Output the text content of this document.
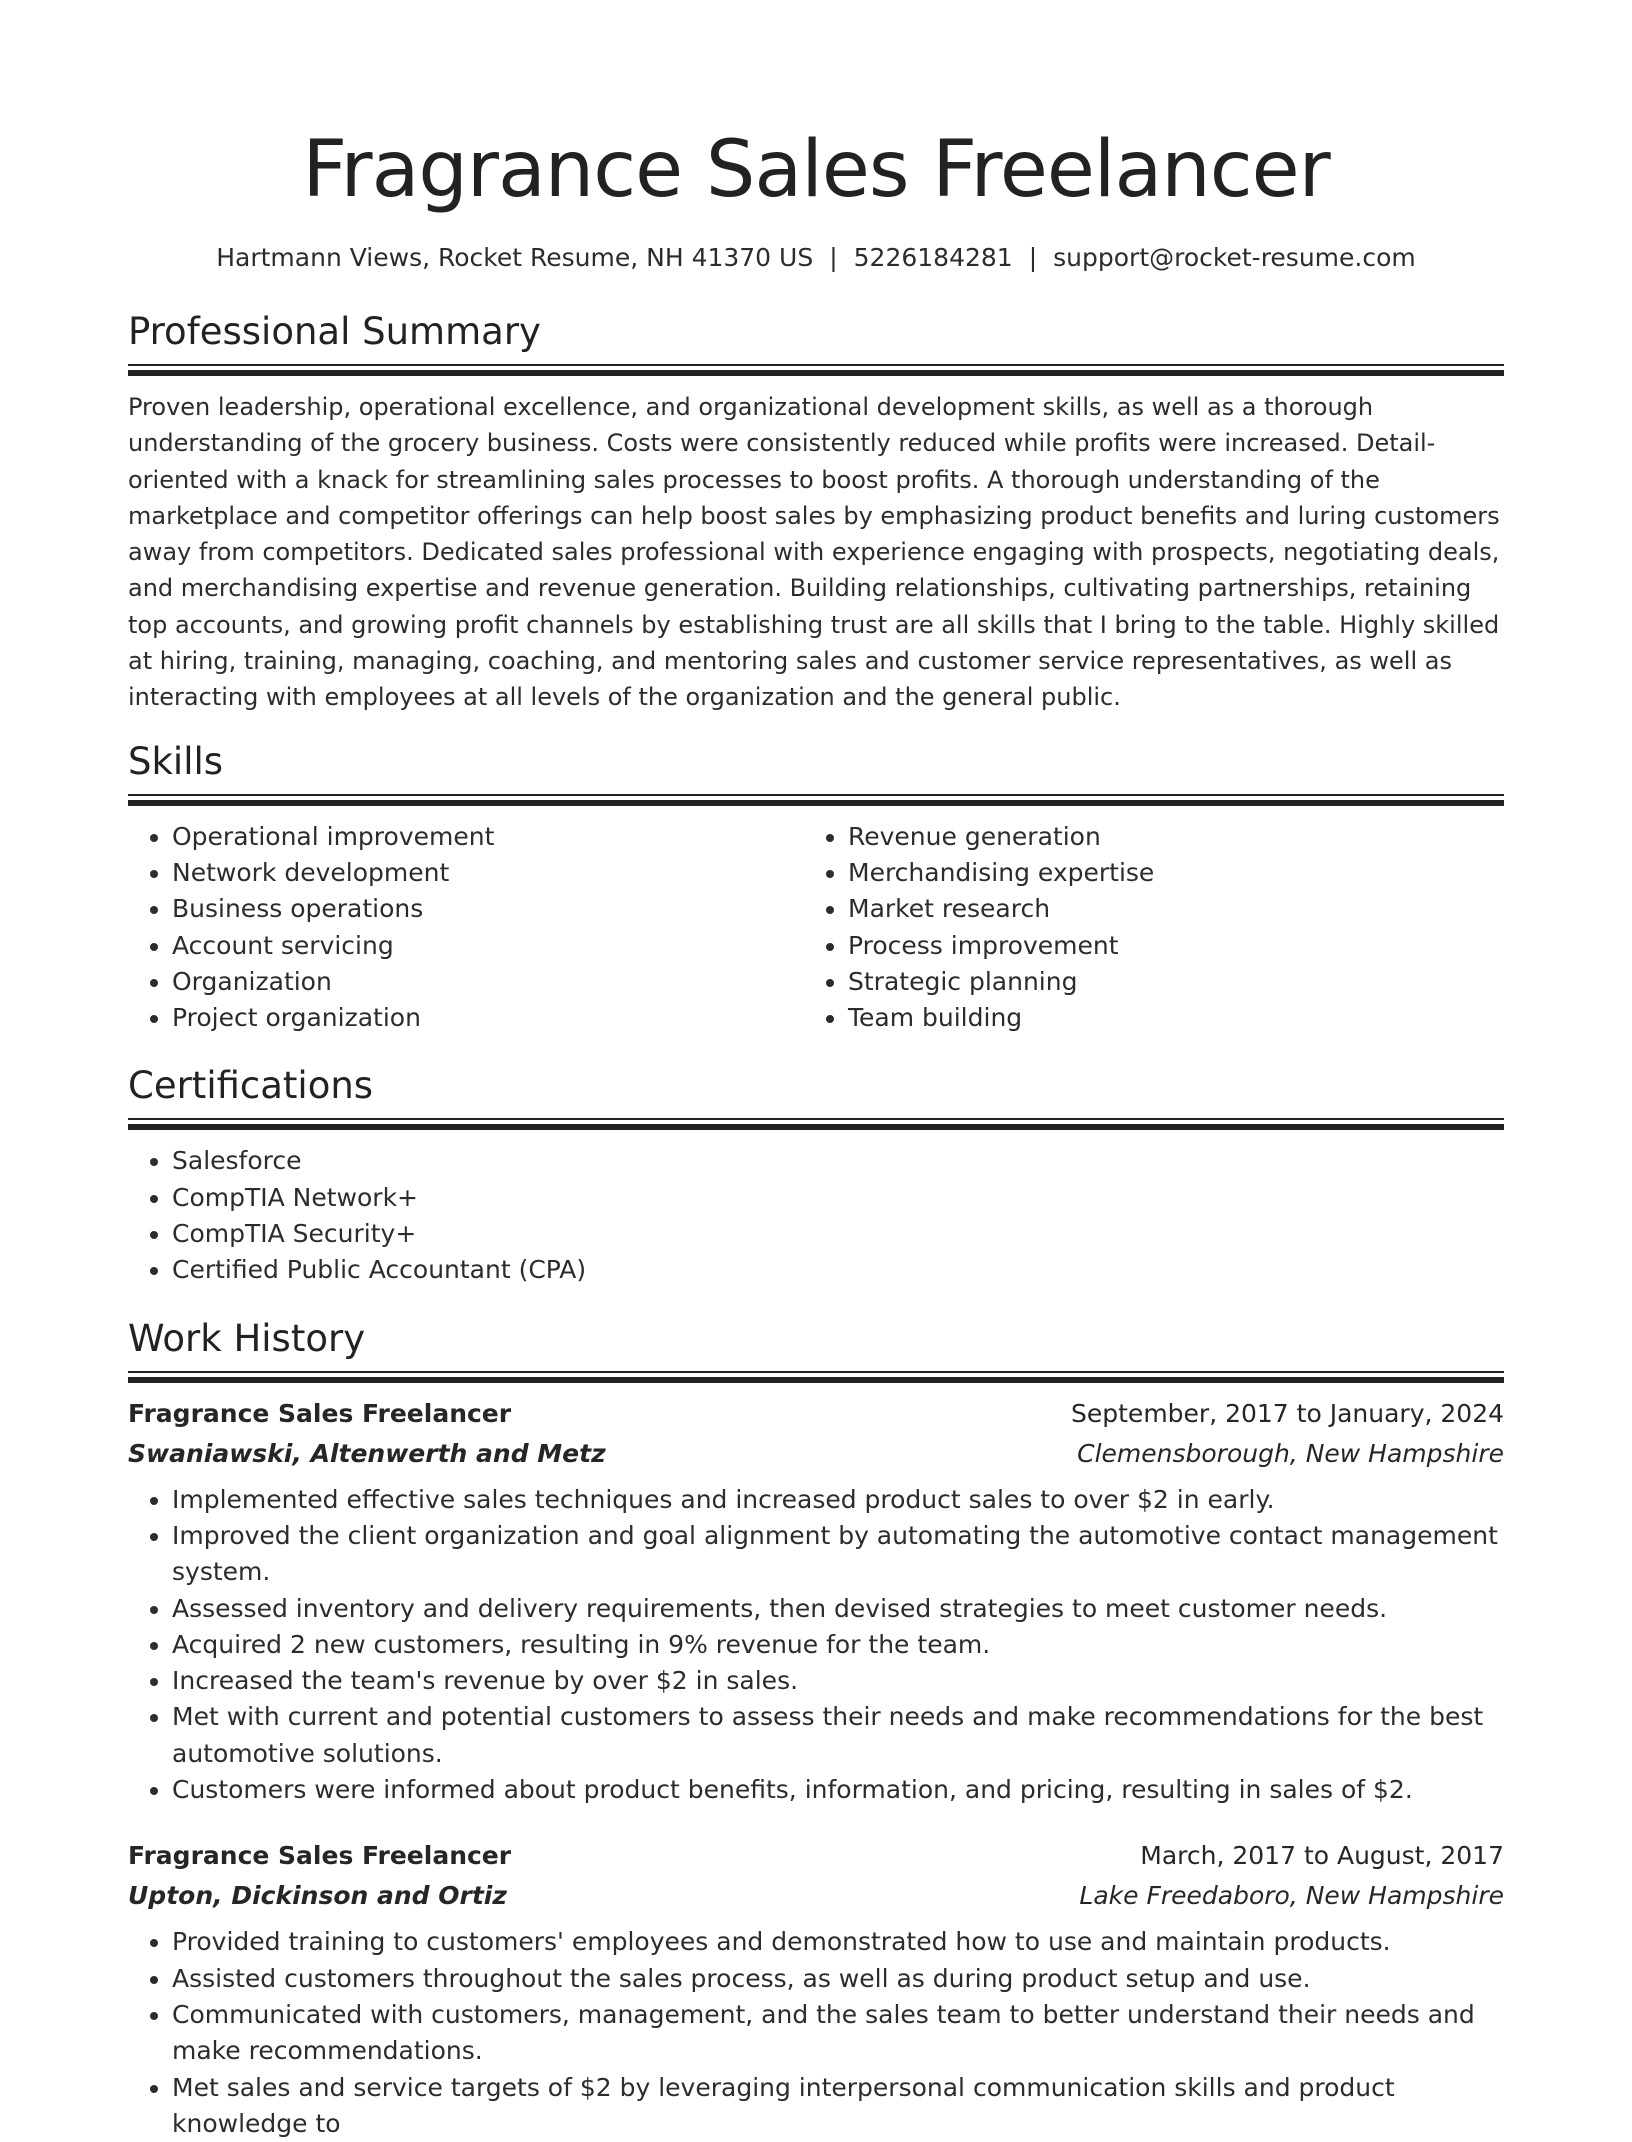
Fragrance Sales Freelancer
Hartmann Views, Rocket Resume, NH 41370 US | 5226184281 | support@rocket-resume.com
Professional Summary
Proven leadership, operational excellence, and organizational development skills, as well as a thorough understanding of the grocery business. Costs were consistently reduced while profits were increased. Detail-oriented with a knack for streamlining sales processes to boost profits. A thorough understanding of the marketplace and competitor offerings can help boost sales by emphasizing product benefits and luring customers away from competitors. Dedicated sales professional with experience engaging with prospects, negotiating deals, and merchandising expertise and revenue generation. Building relationships, cultivating partnerships, retaining top accounts, and growing profit channels by establishing trust are all skills that I bring to the table. Highly skilled at hiring, training, managing, coaching, and mentoring sales and customer service representatives, as well as interacting with employees at all levels of the organization and the general public.
Skills
• Operational improvement
• Network development
• Business operations
• Account servicing
• Organization
• Project organization
• Revenue generation
• Merchandising expertise
• Market research
• Process improvement
• Strategic planning
• Team building
Certifications
• Salesforce
• CompTIA Network+
• CompTIA Security+
• Certified Public Accountant (CPA)
Work History
Fragrance Sales Freelancer	September, 2017 to January, 2024
Swaniawski, Altenwerth and Metz	Clemensborough, New Hampshire
• Implemented effective sales techniques and increased product sales to over $2 in early.
• Improved the client organization and goal alignment by automating the automotive contact management system.
• Assessed inventory and delivery requirements, then devised strategies to meet customer needs.
• Acquired 2 new customers, resulting in 9% revenue for the team.
• Increased the team's revenue by over $2 in sales.
• Met with current and potential customers to assess their needs and make recommendations for the best automotive solutions.
• Customers were informed about product benefits, information, and pricing, resulting in sales of $2.
Fragrance Sales Freelancer	March, 2017 to August, 2017
Upton, Dickinson and Ortiz	Lake Freedaboro, New Hampshire
• Provided training to customers' employees and demonstrated how to use and maintain products.
• Assisted customers throughout the sales process, as well as during product setup and use.
• Communicated with customers, management, and the sales team to better understand their needs and make recommendations.
• Met sales and service targets of $2 by leveraging interpersonal communication skills and product knowledge to
